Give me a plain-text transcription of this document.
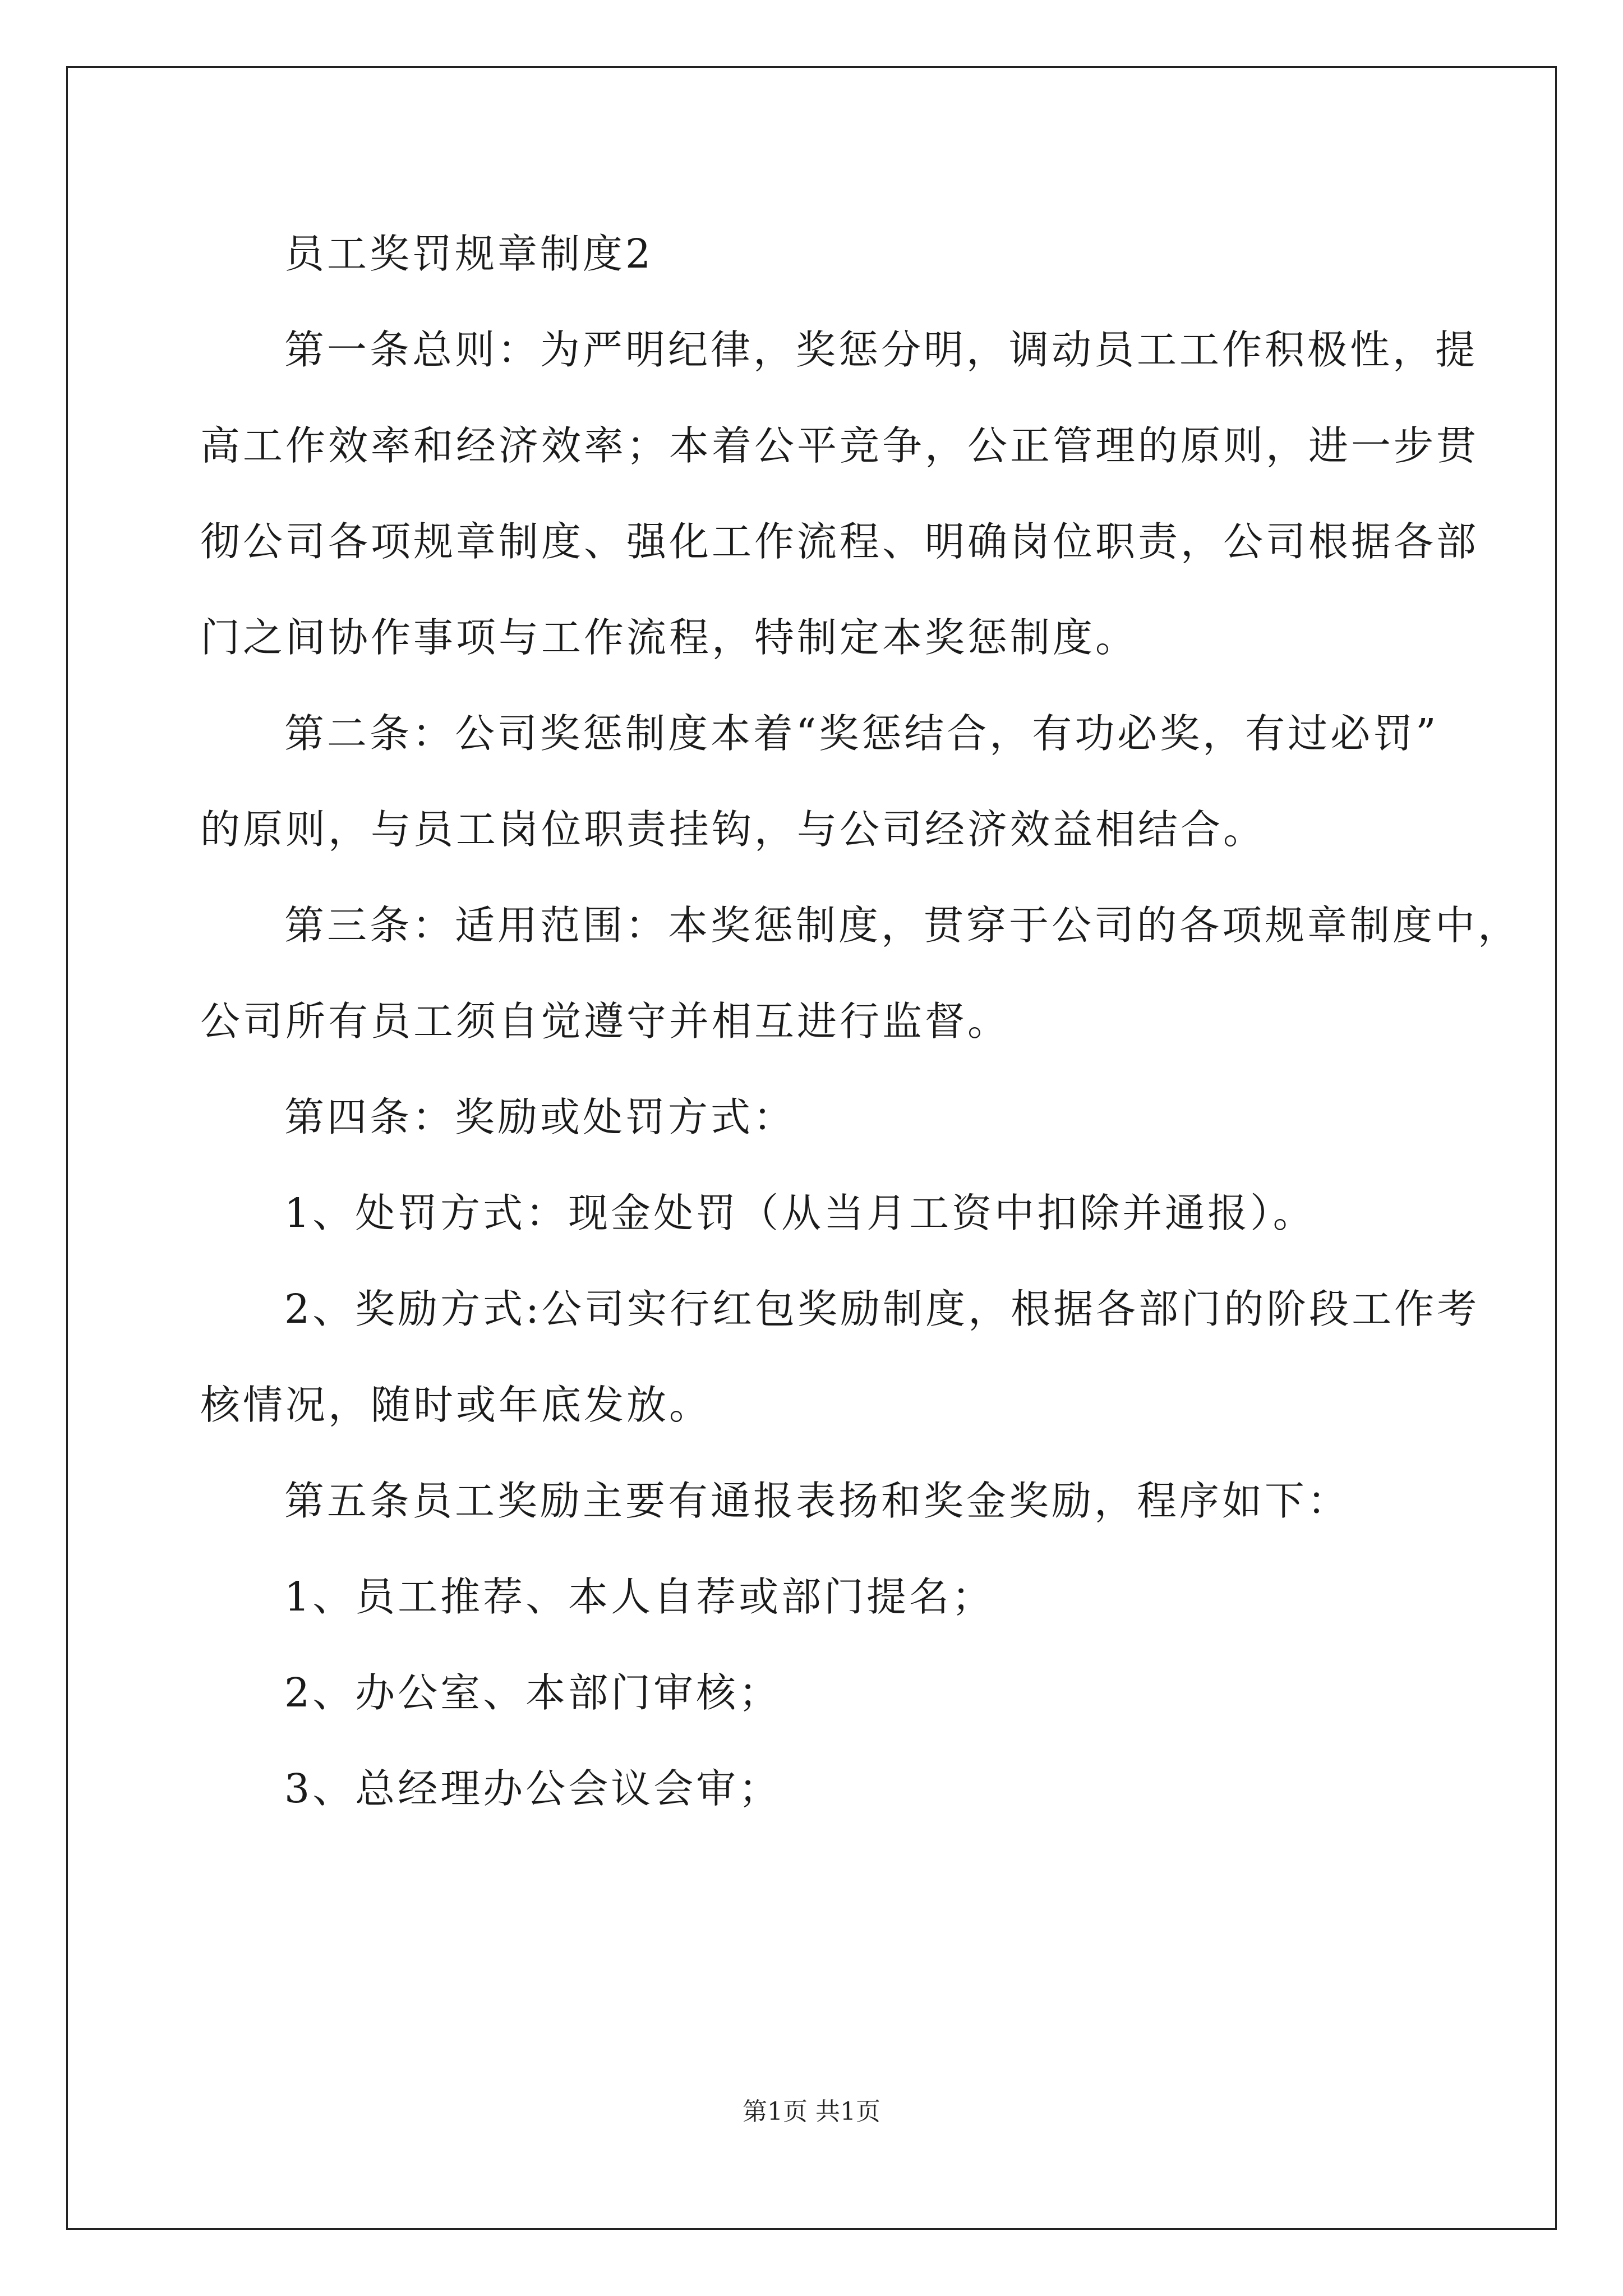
员工奖罚规章制度2
第一条总则：为严明纪律，奖惩分明，调动员工工作积极性，提
高工作效率和经济效率；本着公平竞争，公正管理的原则，进一步贯
彻公司各项规章制度、强化工作流程、明确岗位职责，公司根据各部
门之间协作事项与工作流程，特制定本奖惩制度。
第二条：公司奖惩制度本着“奖惩结合，有功必奖，有过必罚”
的原则，与员工岗位职责挂钩，与公司经济效益相结合。
第三条：适用范围：本奖惩制度，贯穿于公司的各项规章制度中，
公司所有员工须自觉遵守并相互进行监督。
第四条：奖励或处罚方式：
1、处罚方式：现金处罚（从当月工资中扣除并通报）。
2、奖励方式:公司实行红包奖励制度，根据各部门的阶段工作考
核情况，随时或年底发放。
第五条员工奖励主要有通报表扬和奖金奖励，程序如下：
1、员工推荐、本人自荐或部门提名；
2、办公室、本部门审核；
3、总经理办公会议会审；
第1页 共1页
